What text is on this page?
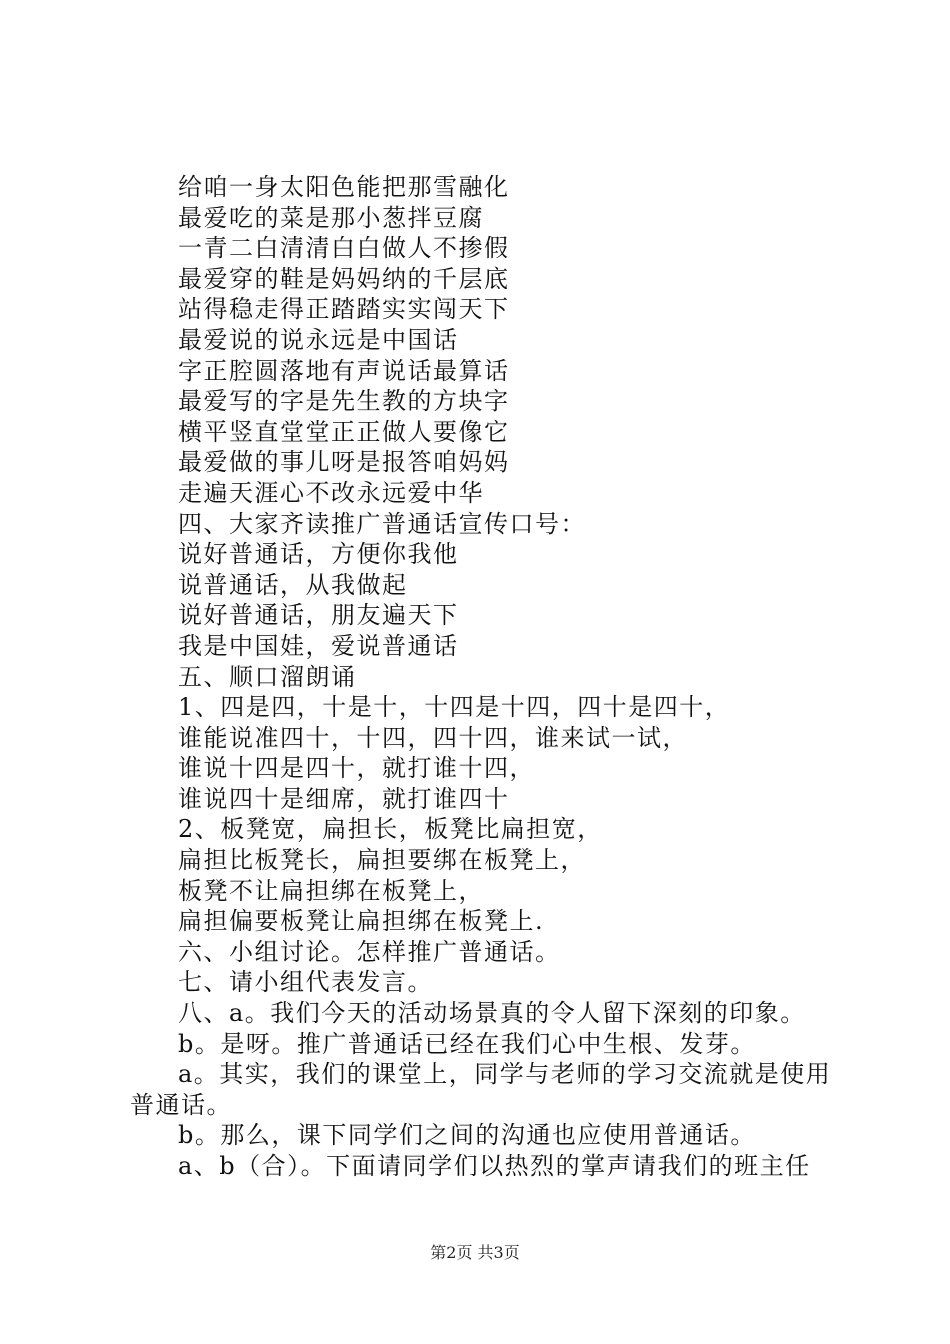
给咱一身太阳色能把那雪融化
最爱吃的菜是那小葱拌豆腐
一青二白清清白白做人不掺假
最爱穿的鞋是妈妈纳的千层底
站得稳走得正踏踏实实闯天下
最爱说的说永远是中国话
字正腔圆落地有声说话最算话
最爱写的字是先生教的方块字
横平竖直堂堂正正做人要像它
最爱做的事儿呀是报答咱妈妈
走遍天涯心不改永远爱中华
四、大家齐读推广普通话宣传口号：
说好普通话，方便你我他
说普通话，从我做起
说好普通话，朋友遍天下
我是中国娃，爱说普通话
五、顺口溜朗诵
1、四是四，十是十，十四是十四，四十是四十，
谁能说准四十，十四，四十四，谁来试一试，
谁说十四是四十，就打谁十四，
谁说四十是细席，就打谁四十
2、板凳宽，扁担长，板凳比扁担宽，
扁担比板凳长，扁担要绑在板凳上，
板凳不让扁担绑在板凳上，
扁担偏要板凳让扁担绑在板凳上.
六、小组讨论。怎样推广普通话。
七、请小组代表发言。
八、a。我们今天的活动场景真的令人留下深刻的印象。
b。是呀。推广普通话已经在我们心中生根、发芽。
a。其实，我们的课堂上，同学与老师的学习交流就是使用普通话。
b。那么，课下同学们之间的沟通也应使用普通话。
a、b（合）。下面请同学们以热烈的掌声请我们的班主任
第2页 共3页
